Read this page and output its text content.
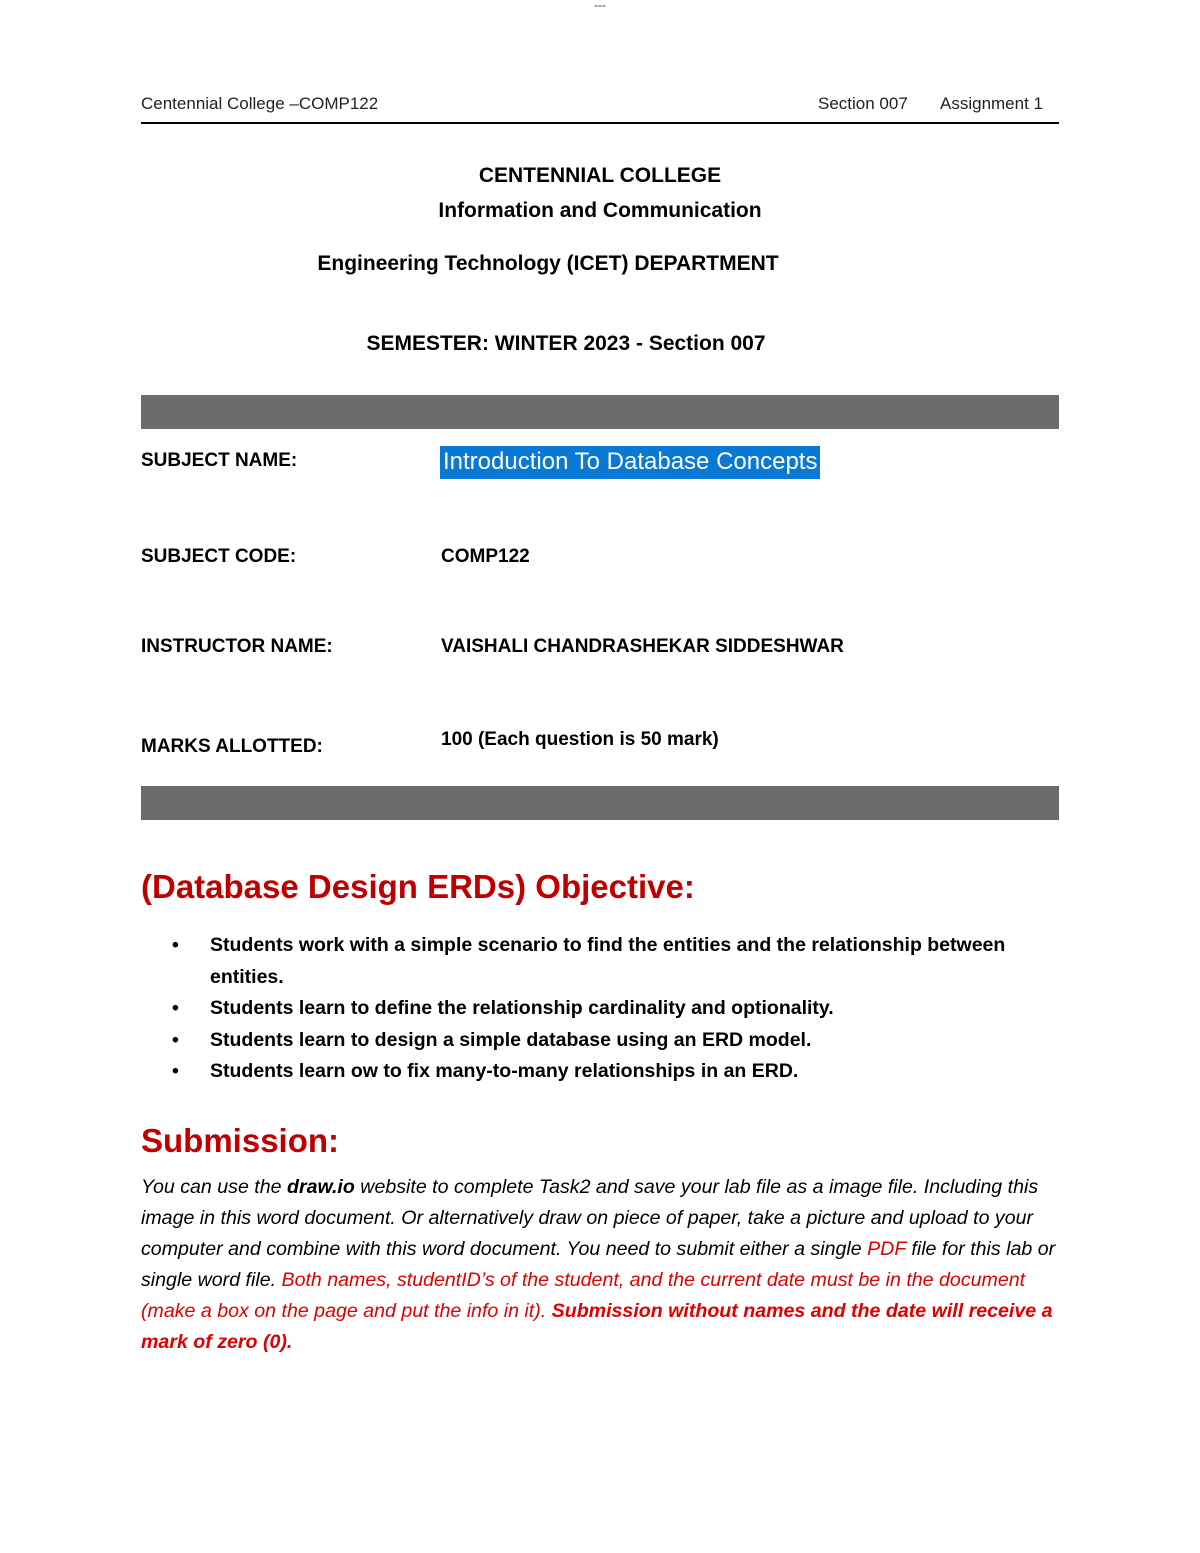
---
Centennial College –COMP122	Section 007 Assignment 1
CENTENNIAL COLLEGE
Information and Communication
Engineering Technology (ICET) DEPARTMENT
SEMESTER: WINTER 2023 - Section 007
SUBJECT NAME:	Introduction To Database Concepts
SUBJECT CODE:	COMP122
INSTRUCTOR NAME:	VAISHALI CHANDRASHEKAR SIDDESHWAR
MARKS ALLOTTED:	100 (Each question is 50 mark)
(Database Design ERDs) Objective:
• Students work with a simple scenario to find the entities and the relationship between entities.
• Students learn to define the relationship cardinality and optionality.
• Students learn to design a simple database using an ERD model.
• Students learn ow to fix many-to-many relationships in an ERD.
Submission:
You can use the draw.io website to complete Task2 and save your lab file as a image file. Including this image in this word document. Or alternatively draw on piece of paper, take a picture and upload to your computer and combine with this word document. You need to submit either a single PDF file for this lab or single word file. Both names, studentID’s of the student, and the current date must be in the document (make a box on the page and put the info in it). Submission without names and the date will receive a mark of zero (0).
